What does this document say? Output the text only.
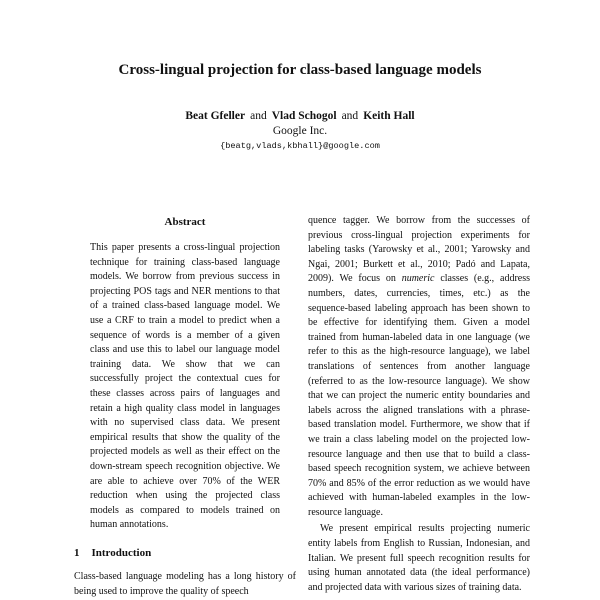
Cross-lingual projection for class-based language models
Beat Gfeller and Vlad Schogol and Keith Hall
Google Inc.
{beatg,vlads,kbhall}@google.com
Abstract

This paper presents a cross-lingual projection technique for training class-based language models. We borrow from previous success in projecting POS tags and NER mentions to that of a trained class-based language model. We use a CRF to train a model to predict when a sequence of words is a member of a given class and use this to label our language model training data. We show that we can successfully project the contextual cues for these classes across pairs of languages and retain a high quality class model in languages with no supervised class data. We present empirical results that show the quality of the projected models as well as their effect on the down-stream speech recognition objective. We are able to achieve over 70% of the WER reduction when using the projected class models as compared to models trained on human annotations.

1 Introduction

Class-based language modeling has a long history of being used to improve the quality of speech

quence tagger. We borrow from the successes of previous cross-lingual projection experiments for labeling tasks (Yarowsky et al., 2001; Yarowsky and Ngai, 2001; Burkett et al., 2010; Padó and Lapata, 2009). We focus on numeric classes (e.g., address numbers, dates, currencies, times, etc.) as the sequence-based labeling approach has been shown to be effective for identifying them. Given a model trained from human-labeled data in one language (we refer to this as the high-resource language), we label translations of sentences from another language (referred to as the low-resource language). We show that we can project the numeric entity boundaries and labels across the aligned translations with a phrase-based translation model. Furthermore, we show that if we train a class labeling model on the projected low-resource language and then use that to build a class-based speech recognition system, we achieve between 70% and 85% of the error reduction as we would have achieved with human-labeled examples in the low-resource language.

We present empirical results projecting numeric entity labels from English to Russian, Indonesian, and Italian. We present full speech recognition results for using human annotated data (the ideal performance) and projected data with various sizes of training data.
